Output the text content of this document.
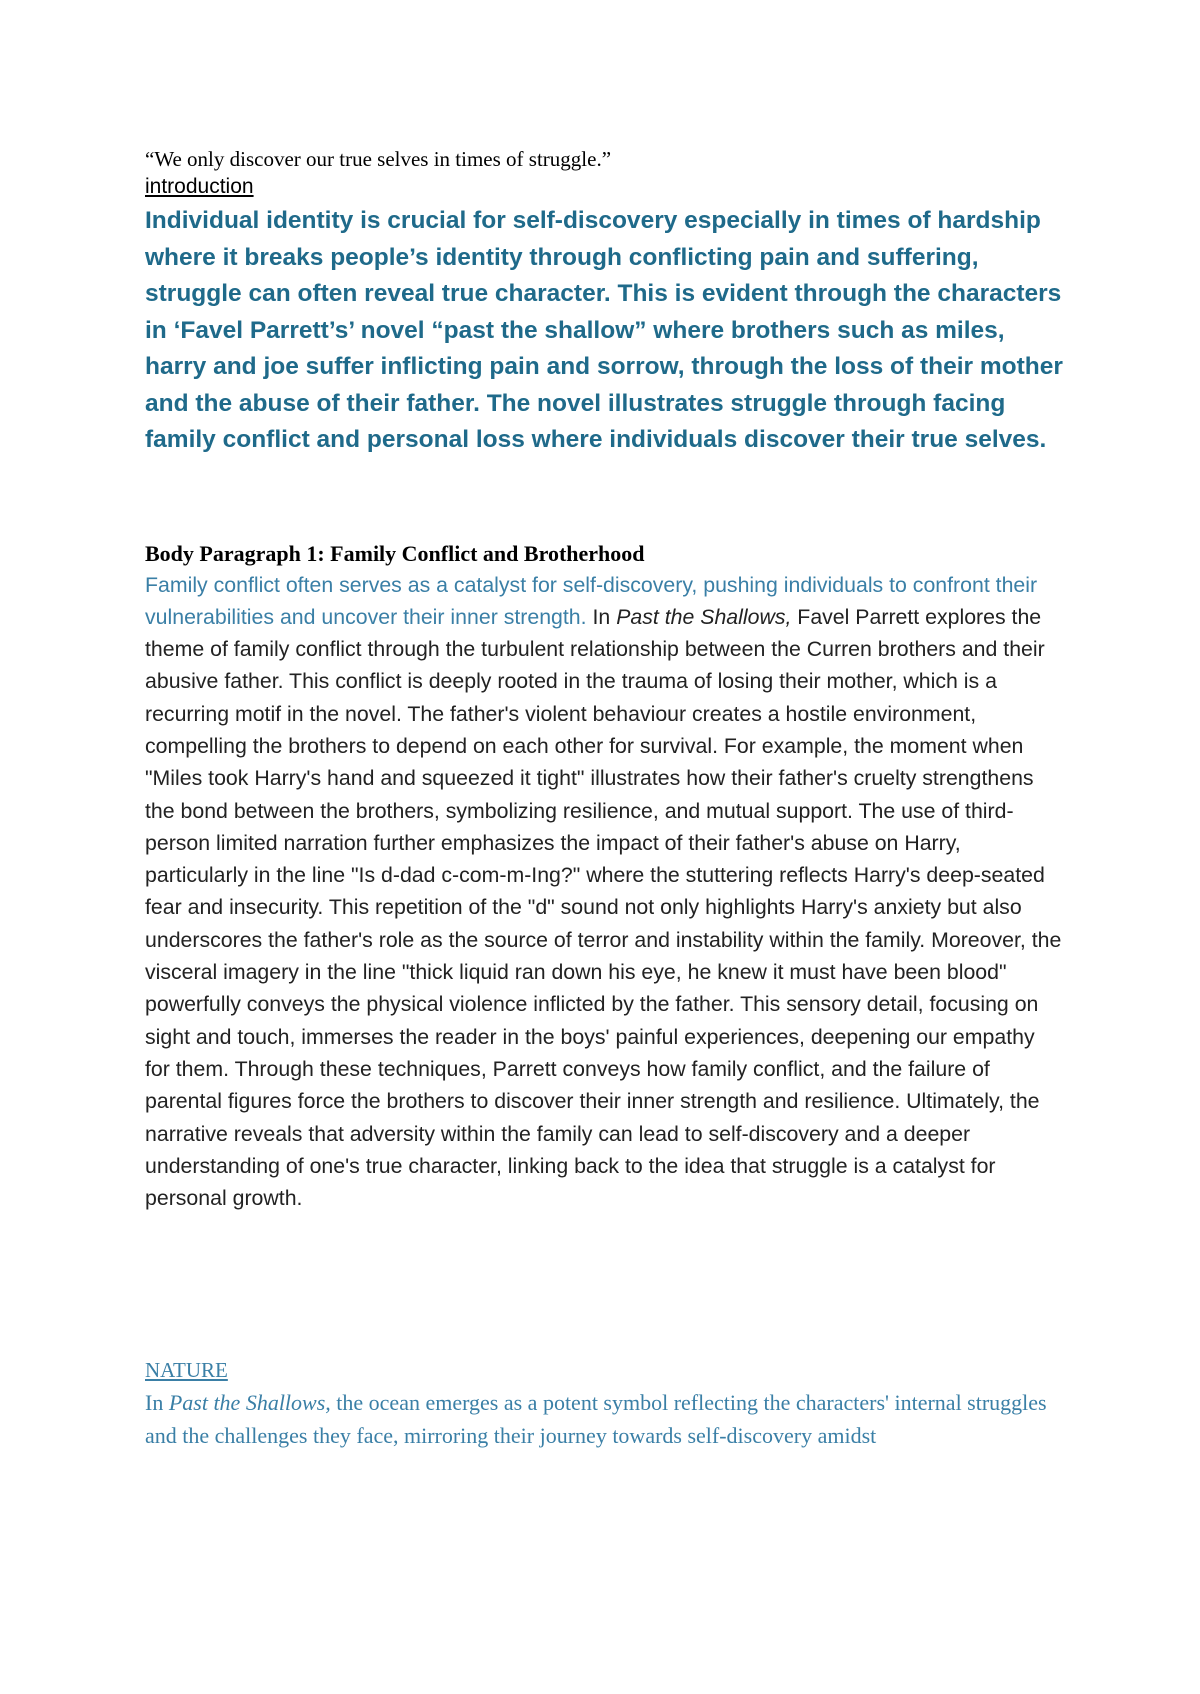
“We only discover our true selves in times of struggle.”

introduction

Individual identity is crucial for self-discovery especially in times of hardship where it breaks people’s identity through conflicting pain and suffering, struggle can often reveal true character. This is evident through the characters in ‘Favel Parrett’s’ novel “past the shallow” where brothers such as miles, harry and joe suffer inflicting pain and sorrow, through the loss of their mother and the abuse of their father. The novel illustrates struggle through facing family conflict and personal loss where individuals discover their true selves.

Body Paragraph 1: Family Conflict and Brotherhood

Family conflict often serves as a catalyst for self-discovery, pushing individuals to confront their vulnerabilities and uncover their inner strength. In Past the Shallows, Favel Parrett explores the theme of family conflict through the turbulent relationship between the Curren brothers and their abusive father. This conflict is deeply rooted in the trauma of losing their mother, which is a recurring motif in the novel. The father's violent behaviour creates a hostile environment, compelling the brothers to depend on each other for survival. For example, the moment when "Miles took Harry's hand and squeezed it tight" illustrates how their father's cruelty strengthens the bond between the brothers, symbolizing resilience, and mutual support. The use of third-person limited narration further emphasizes the impact of their father's abuse on Harry, particularly in the line "Is d-dad c-com-m-Ing?" where the stuttering reflects Harry's deep-seated fear and insecurity. This repetition of the "d" sound not only highlights Harry's anxiety but also underscores the father's role as the source of terror and instability within the family. Moreover, the visceral imagery in the line "thick liquid ran down his eye, he knew it must have been blood" powerfully conveys the physical violence inflicted by the father. This sensory detail, focusing on sight and touch, immerses the reader in the boys' painful experiences, deepening our empathy for them. Through these techniques, Parrett conveys how family conflict, and the failure of parental figures force the brothers to discover their inner strength and resilience. Ultimately, the narrative reveals that adversity within the family can lead to self-discovery and a deeper understanding of one's true character, linking back to the idea that struggle is a catalyst for personal growth.

NATURE

In Past the Shallows, the ocean emerges as a potent symbol reflecting the characters' internal struggles and the challenges they face, mirroring their journey towards self-discovery amidst
